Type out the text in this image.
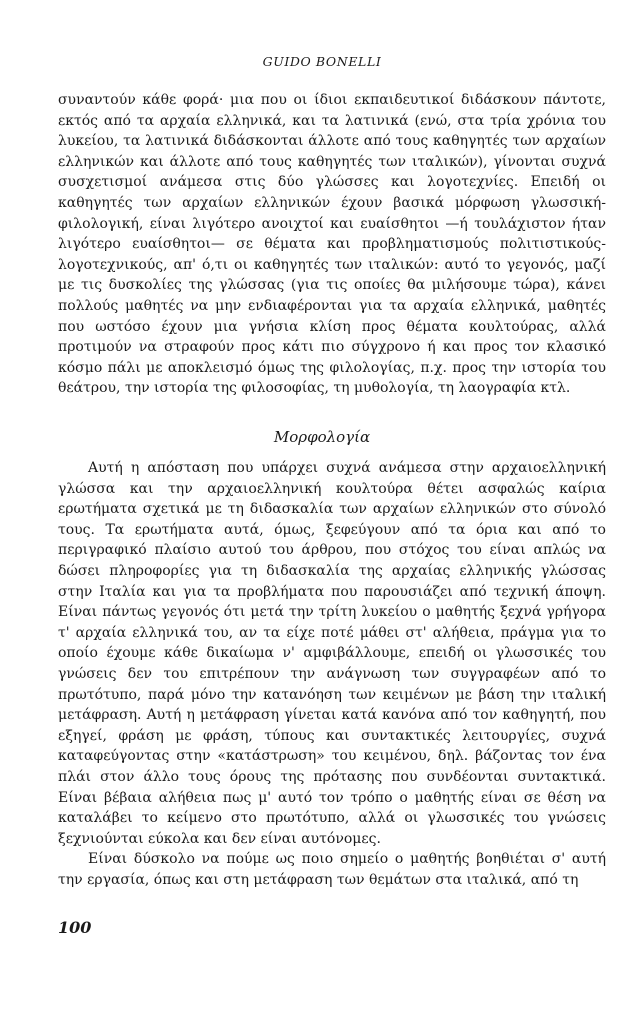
GUIDO BONELLI

συναντούν κάθε φορά· μια που οι ίδιοι εκπαιδευτικοί διδάσκουν πάντοτε, εκτός από τα αρχαία ελληνικά, και τα λατινικά (ενώ, στα τρία χρόνια του λυκείου, τα λατινικά διδάσκονται άλλοτε από τους καθηγητές των αρχαίων ελληνικών και άλλοτε από τους καθηγητές των ιταλικών), γίνονται συχνά συσχετισμοί ανάμεσα στις δύο γλώσσες και λογοτεχνίες. Επειδή οι καθηγητές των αρχαίων ελληνικών έχουν βασικά μόρφωση γλωσσική-φιλολογική, είναι λιγότερο ανοιχτοί και ευαίσθητοι —ή τουλάχιστον ήταν λιγότερο ευαίσθητοι— σε θέματα και προβληματισμούς πολιτιστικούς-λογοτεχνικούς, απ' ό,τι οι καθηγητές των ιταλικών: αυτό το γεγονός, μαζί με τις δυσκολίες της γλώσσας (για τις οποίες θα μιλήσουμε τώρα), κάνει πολλούς μαθητές να μην ενδιαφέρονται για τα αρχαία ελληνικά, μαθητές που ωστόσο έχουν μια γνήσια κλίση προς θέματα κουλτούρας, αλλά προτιμούν να στραφούν προς κάτι πιο σύγχρονο ή και προς τον κλασικό κόσμο πάλι με αποκλεισμό όμως της φιλολογίας, π.χ. προς την ιστορία του θεάτρου, την ιστορία της φιλοσοφίας, τη μυθολογία, τη λαογραφία κτλ.

Μορφολογία

Αυτή η απόσταση που υπάρχει συχνά ανάμεσα στην αρχαιοελληνική γλώσσα και την αρχαιοελληνική κουλτούρα θέτει ασφαλώς καίρια ερωτήματα σχετικά με τη διδασκαλία των αρχαίων ελληνικών στο σύνολό τους. Τα ερωτήματα αυτά, όμως, ξεφεύγουν από τα όρια και από το περιγραφικό πλαίσιο αυτού του άρθρου, που στόχος του είναι απλώς να δώσει πληροφορίες για τη διδασκαλία της αρχαίας ελληνικής γλώσσας στην Ιταλία και για τα προβλήματα που παρουσιάζει από τεχνική άποψη. Είναι πάντως γεγονός ότι μετά την τρίτη λυκείου ο μαθητής ξεχνά γρήγορα τ' αρχαία ελληνικά του, αν τα είχε ποτέ μάθει στ' αλήθεια, πράγμα για το οποίο έχουμε κάθε δικαίωμα ν' αμφιβάλλουμε, επειδή οι γλωσσικές του γνώσεις δεν του επιτρέπουν την ανάγνωση των συγγραφέων από το πρωτότυπο, παρά μόνο την κατανόηση των κειμένων με βάση την ιταλική μετάφραση. Αυτή η μετάφραση γίνεται κατά κανόνα από τον καθηγητή, που εξηγεί, φράση με φράση, τύπους και συντακτικές λειτουργίες, συχνά καταφεύγοντας στην «κατάστρωση» του κειμένου, δηλ. βάζοντας τον ένα πλάι στον άλλο τους όρους της πρότασης που συνδέονται συντακτικά. Είναι βέβαια αλήθεια πως μ' αυτό τον τρόπο ο μαθητής είναι σε θέση να καταλάβει το κείμενο στο πρωτότυπο, αλλά οι γλωσσικές του γνώσεις ξεχνιούνται εύκολα και δεν είναι αυτόνομες.

Είναι δύσκολο να πούμε ως ποιο σημείο ο μαθητής βοηθιέται σ' αυτή την εργασία, όπως και στη μετάφραση των θεμάτων στα ιταλικά, από τη

100
